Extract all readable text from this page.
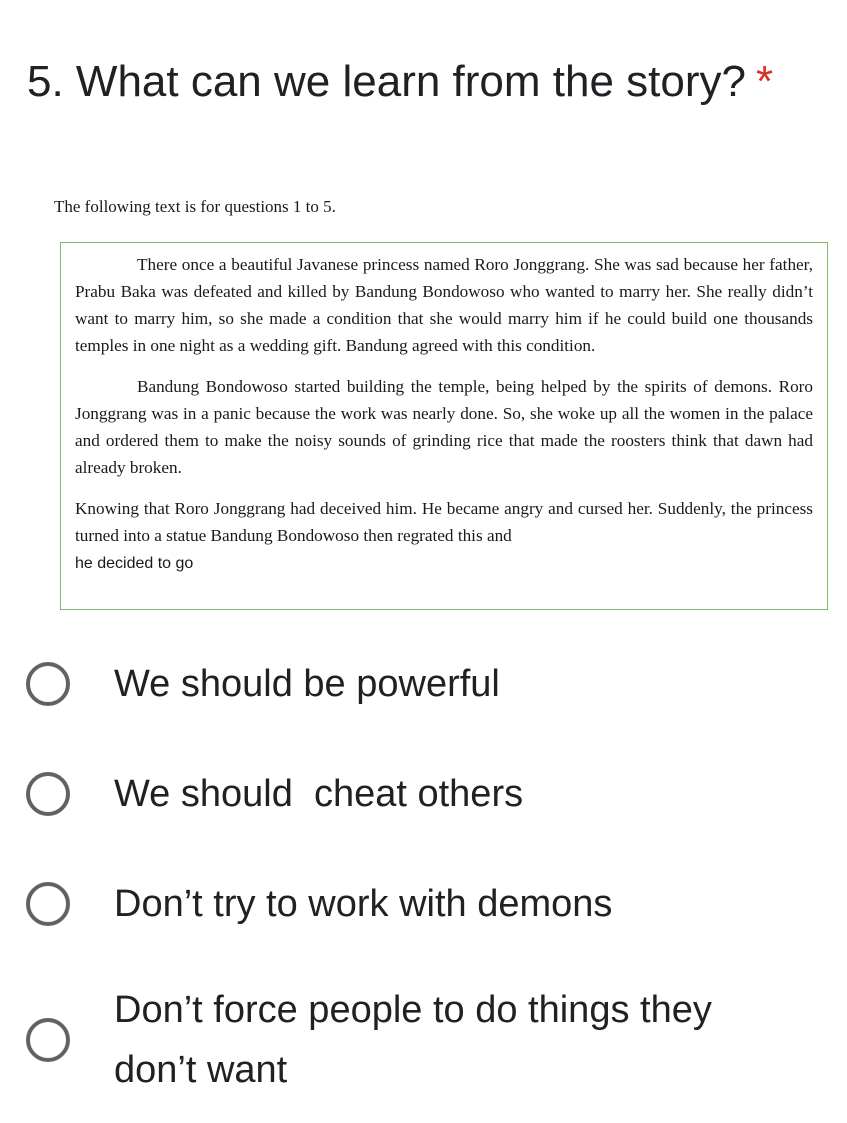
5. What can we learn from the story? *
The following text is for questions 1 to 5.

There once a beautiful Javanese princess named Roro Jonggrang. She was sad because her father, Prabu Baka was defeated and killed by Bandung Bondowoso who wanted to marry her. She really didn’t want to marry him, so she made a condition that she would marry him if he could build one thousands temples in one night as a wedding gift. Bandung agreed with this condition.

Bandung Bondowoso started building the temple, being helped by the spirits of demons. Roro Jonggrang was in a panic because the work was nearly done. So, she woke up all the women in the palace and ordered them to make the noisy sounds of grinding rice that made the roosters think that dawn had already broken.

Knowing that Roro Jonggrang had deceived him. He became angry and cursed her. Suddenly, the princess turned into a statue Bandung Bondowoso then regrated this and
he decided to go

We should be powerful
We should  cheat others
Don’t try to work with demons
Don’t force people to do things they don’t want
